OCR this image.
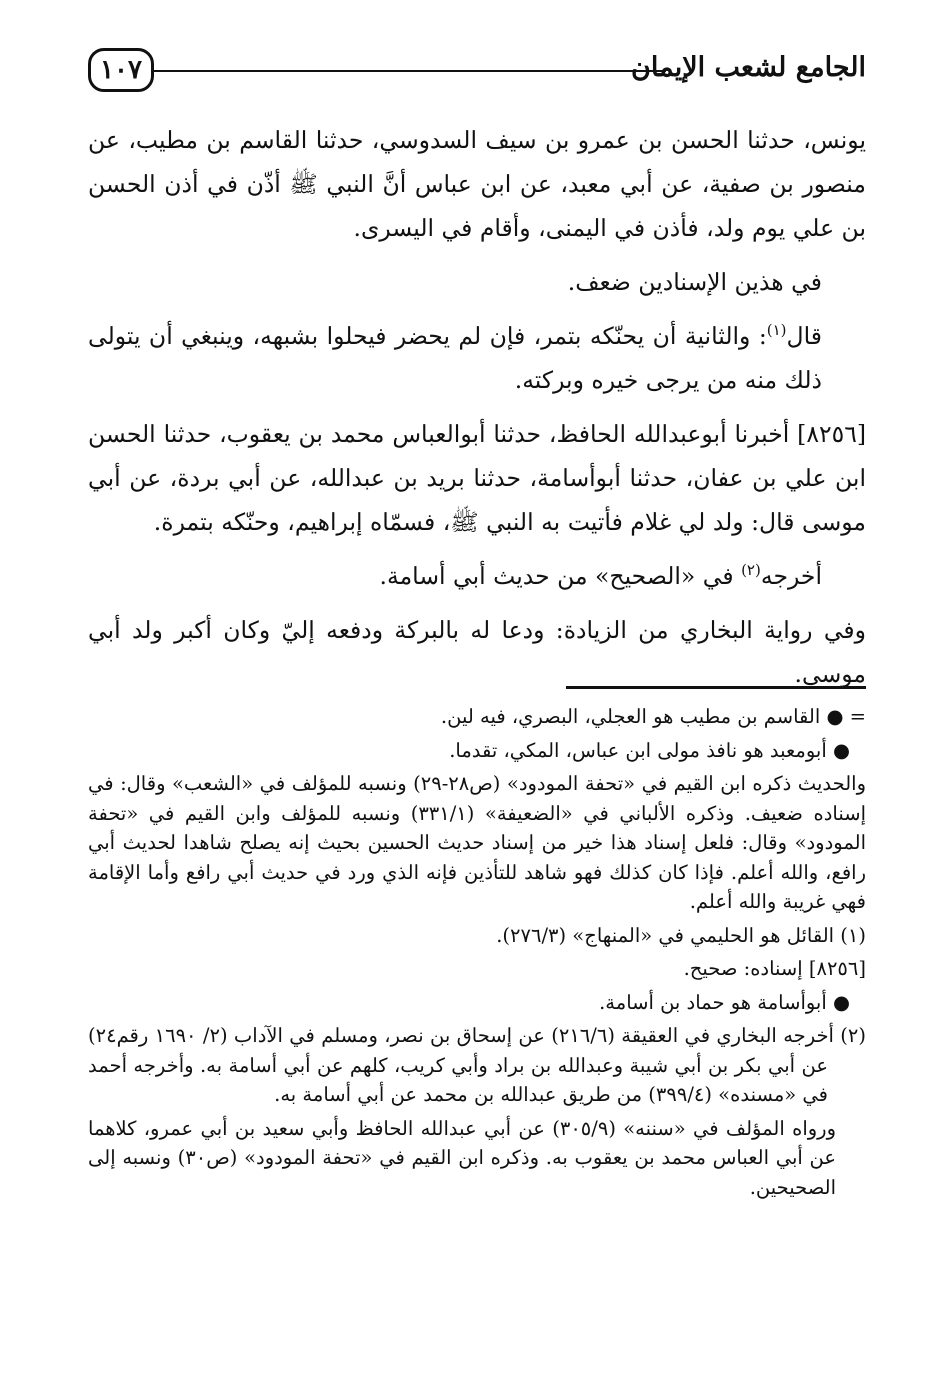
١٠٧	الجامع لشعب الإيمان

يونس، حدثنا الحسن بن عمرو بن سيف السدوسي، حدثنا القاسم بن مطيب، عن منصور بن صفية، عن أبي معبد، عن ابن عباس أنَّ النبي ﷺ أذّن في أذن الحسن بن علي يوم ولد، فأذن في اليمنى، وأقام في اليسرى.

في هذين الإسنادين ضعف.

قال$^{(١)}$: والثانية أن يحنّكه بتمر، فإن لم يحضر فيحلوا بشبهه، وينبغي أن يتولى ذلك منه من يرجى خيره وبركته.

[٨٢٥٦] أخبرنا أبوعبدالله الحافظ، حدثنا أبوالعباس محمد بن يعقوب، حدثنا الحسن ابن علي بن عفان، حدثنا أبوأسامة، حدثنا بريد بن عبدالله، عن أبي بردة، عن أبي موسى قال: ولد لي غلام فأتيت به النبي ﷺ، فسمّاه إبراهيم، وحنّكه بتمرة.

أخرجه$^{(٢)}$ في «الصحيح» من حديث أبي أسامة.

وفي رواية البخاري من الزيادة: ودعا له بالبركة ودفعه إليّ وكان أكبر ولد أبي موسى.

= ● القاسم بن مطيب هو العجلي، البصري، فيه لين.

● أبومعبد هو نافذ مولى ابن عباس، المكي، تقدما.

والحديث ذكره ابن القيم في «تحفة المودود» (ص٢٨-٢٩) ونسبه للمؤلف في «الشعب» وقال: في إسناده ضعيف. وذكره الألباني في «الضعيفة» (٣٣١/١) ونسبه للمؤلف وابن القيم في «تحفة المودود» وقال: فلعل إسناد هذا خير من إسناد حديث الحسين بحيث إنه يصلح شاهدا لحديث أبي رافع، والله أعلم. فإذا كان كذلك فهو شاهد للتأذين فإنه الذي ورد في حديث أبي رافع وأما الإقامة فهي غريبة والله أعلم.

(١) القائل هو الحليمي في «المنهاج» (٢٧٦/٣).

[٨٢٥٦] إسناده: صحيح.

● أبوأسامة هو حماد بن أسامة.

(٢) أخرجه البخاري في العقيقة (٢١٦/٦) عن إسحاق بن نصر، ومسلم في الآداب (٢/ ١٦٩٠ رقم٢٤) عن أبي بكر بن أبي شيبة وعبدالله بن براد وأبي كريب، كلهم عن أبي أسامة به. وأخرجه أحمد في «مسنده» (٣٩٩/٤) من طريق عبدالله بن محمد عن أبي أسامة به.

ورواه المؤلف في «سننه» (٣٠٥/٩) عن أبي عبدالله الحافظ وأبي سعيد بن أبي عمرو، كلاهما عن أبي العباس محمد بن يعقوب به. وذكره ابن القيم في «تحفة المودود» (ص٣٠) ونسبه إلى الصحيحين.
